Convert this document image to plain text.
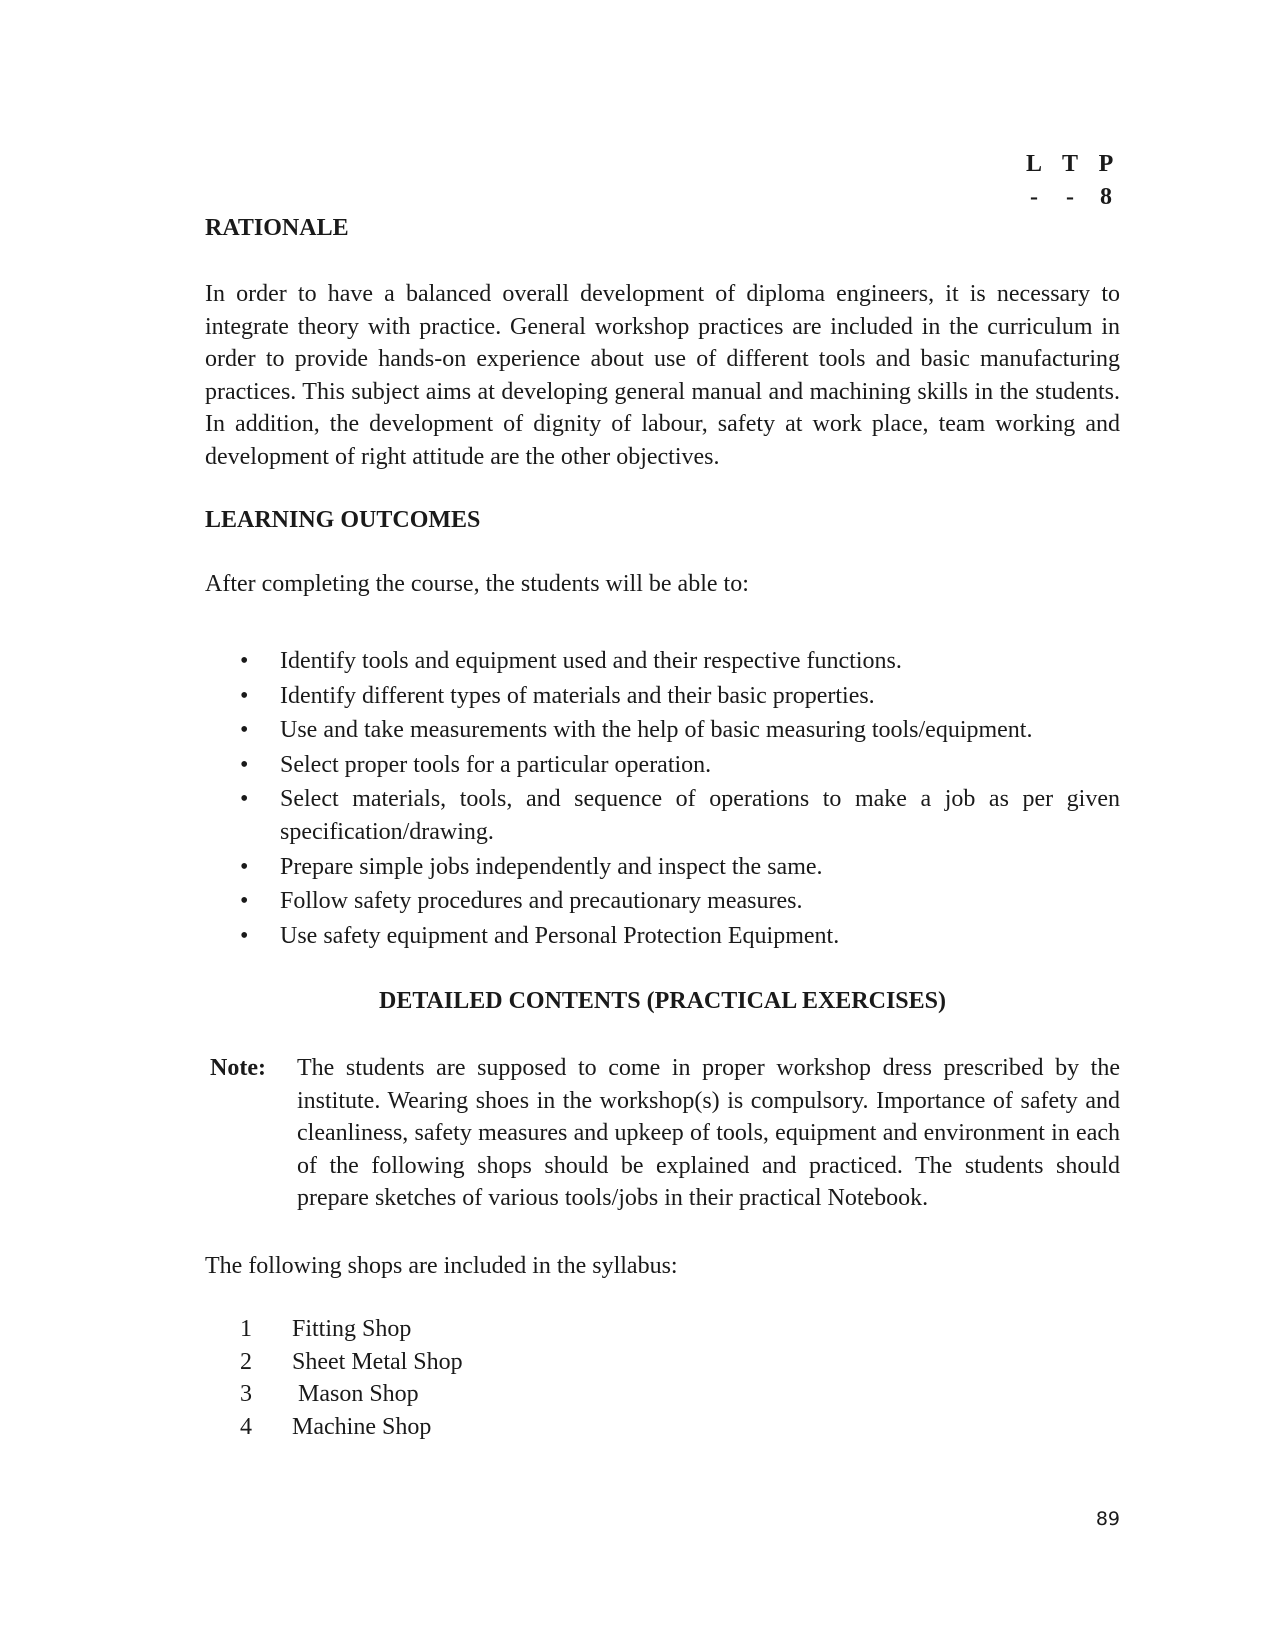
L T P
-	-	8
RATIONALE

In order to have a balanced overall development of diploma engineers, it is necessary to integrate theory with practice. General workshop practices are included in the curriculum in order to provide hands-on experience about use of different tools and basic manufacturing practices. This subject aims at developing general manual and machining skills in the students. In addition, the development of dignity of labour, safety at work place, team working and development of right attitude are the other objectives.

LEARNING OUTCOMES

After completing the course, the students will be able to:

• Identify tools and equipment used and their respective functions.
• Identify different types of materials and their basic properties.
• Use and take measurements with the help of basic measuring tools/equipment.
• Select proper tools for a particular operation.
• Select materials, tools, and sequence of operations to make a job as per given specification/drawing.
• Prepare simple jobs independently and inspect the same.
• Follow safety procedures and precautionary measures.
• Use safety equipment and Personal Protection Equipment.
DETAILED CONTENTS (PRACTICAL EXERCISES)
Note:	The students are supposed to come in proper workshop dress prescribed by the institute. Wearing shoes in the workshop(s) is compulsory. Importance of safety and cleanliness, safety measures and upkeep of tools, equipment and environment in each of the following shops should be explained and practiced. The students should prepare sketches of various tools/jobs in their practical Notebook.

The following shops are included in the syllabus:

1	Fitting Shop
2	Sheet Metal Shop
3	Mason Shop
4	Machine Shop
89
